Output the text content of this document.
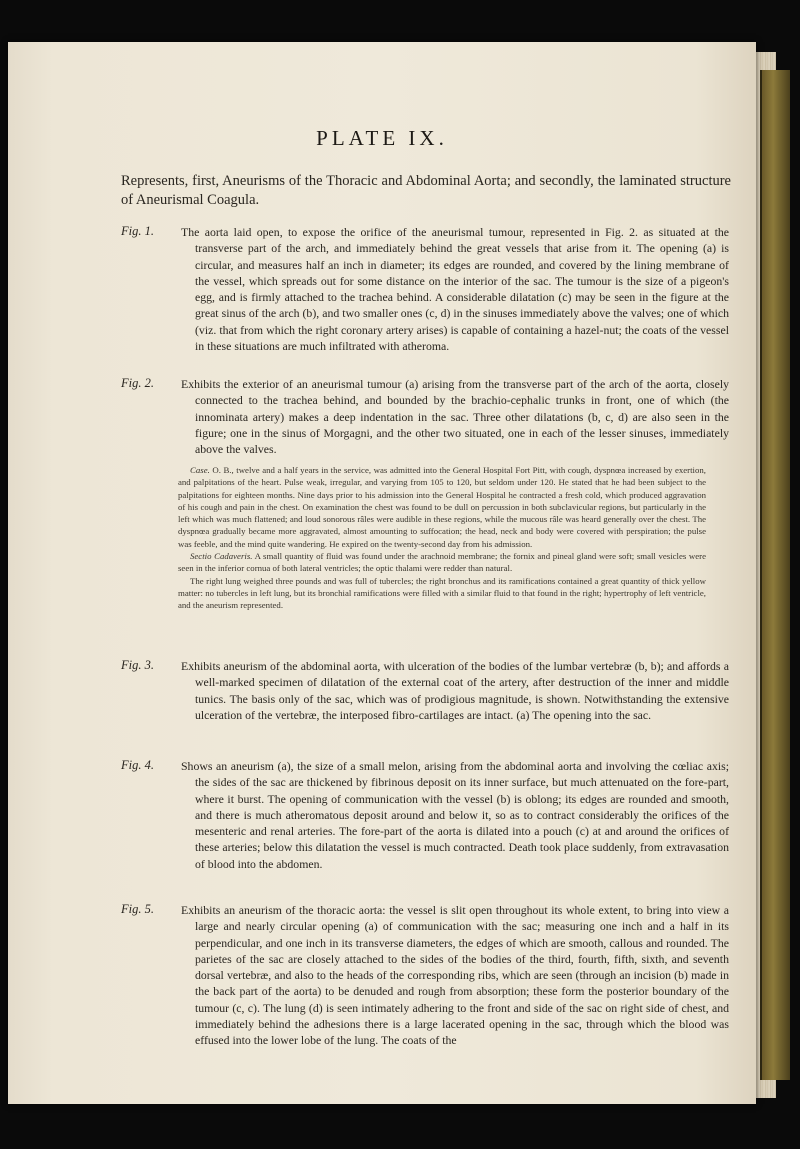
PLATE IX.
Represents, first, Aneurisms of the Thoracic and Abdominal Aorta; and secondly, the laminated structure of Aneurismal Coagula.
Fig. 1. The aorta laid open, to expose the orifice of the aneurismal tumour, represented in Fig. 2. as situated at the transverse part of the arch, and immediately behind the great vessels that arise from it. The opening (a) is circular, and measures half an inch in diameter; its edges are rounded, and covered by the lining membrane of the vessel, which spreads out for some distance on the interior of the sac. The tumour is the size of a pigeon's egg, and is firmly attached to the trachea behind. A considerable dilatation (c) may be seen in the figure at the great sinus of the arch (b), and two smaller ones (c, d) in the sinuses immediately above the valves; one of which (viz. that from which the right coronary artery arises) is capable of containing a hazel-nut; the coats of the vessel in these situations are much infiltrated with atheroma.
Fig. 2. Exhibits the exterior of an aneurismal tumour (a) arising from the transverse part of the arch of the aorta, closely connected to the trachea behind, and bounded by the brachio-cephalic trunks in front, one of which (the innominata artery) makes a deep indentation in the sac. Three other dilatations (b, c, d) are also seen in the figure; one in the sinus of Morgagni, and the other two situated, one in each of the lesser sinuses, immediately above the valves.

Case. O. B., twelve and a half years in the service, was admitted into the General Hospital Fort Pitt, with cough, dyspnœa increased by exertion, and palpitations of the heart. Pulse weak, irregular, and varying from 105 to 120, but seldom under 120. He stated that he had been subject to the palpitations for eighteen months. Nine days prior to his admission into the General Hospital he contracted a fresh cold, which produced aggravation of his cough and pain in the chest. On examination the chest was found to be dull on percussion in both subclavicular regions, but particularly in the left which was much flattened; and loud sonorous râles were audible in these regions, while the mucous râle was heard generally over the chest. The dyspnœa gradually became more aggravated, almost amounting to suffocation; the head, neck and body were covered with perspiration; the pulse was feeble, and the mind quite wandering. He expired on the twenty-second day from his admission.

Sectio Cadaveris. A small quantity of fluid was found under the arachnoid membrane; the fornix and pineal gland were soft; small vesicles were seen in the inferior cornua of both lateral ventricles; the optic thalami were redder than natural.

The right lung weighed three pounds and was full of tubercles; the right bronchus and its ramifications contained a great quantity of thick yellow matter: no tubercles in left lung, but its bronchial ramifications were filled with a similar fluid to that found in the right; hypertrophy of left ventricle, and the aneurism represented.

Fig. 3. Exhibits aneurism of the abdominal aorta, with ulceration of the bodies of the lumbar vertebræ (b, b); and affords a well-marked specimen of dilatation of the external coat of the artery, after destruction of the inner and middle tunics. The basis only of the sac, which was of prodigious magnitude, is shown. Notwithstanding the extensive ulceration of the vertebræ, the interposed fibro-cartilages are intact. (a) The opening into the sac.
Fig. 4. Shows an aneurism (a), the size of a small melon, arising from the abdominal aorta and involving the cœliac axis; the sides of the sac are thickened by fibrinous deposit on its inner surface, but much attenuated on the fore-part, where it burst. The opening of communication with the vessel (b) is oblong; its edges are rounded and smooth, and there is much atheromatous deposit around and below it, so as to contract considerably the orifices of the mesenteric and renal arteries. The fore-part of the aorta is dilated into a pouch (c) at and around the orifices of these arteries; below this dilatation the vessel is much contracted. Death took place suddenly, from extravasation of blood into the abdomen.
Fig. 5. Exhibits an aneurism of the thoracic aorta: the vessel is slit open throughout its whole extent, to bring into view a large and nearly circular opening (a) of communication with the sac; measuring one inch and a half in its perpendicular, and one inch in its transverse diameters, the edges of which are smooth, callous and rounded. The parietes of the sac are closely attached to the sides of the bodies of the third, fourth, fifth, sixth, and seventh dorsal vertebræ, and also to the heads of the corresponding ribs, which are seen (through an incision (b) made in the back part of the aorta) to be denuded and rough from absorption; these form the posterior boundary of the tumour (c, c). The lung (d) is seen intimately adhering to the front and side of the sac on right side of chest, and immediately behind the adhesions there is a large lacerated opening in the sac, through which the blood was effused into the lower lobe of the lung. The coats of the
